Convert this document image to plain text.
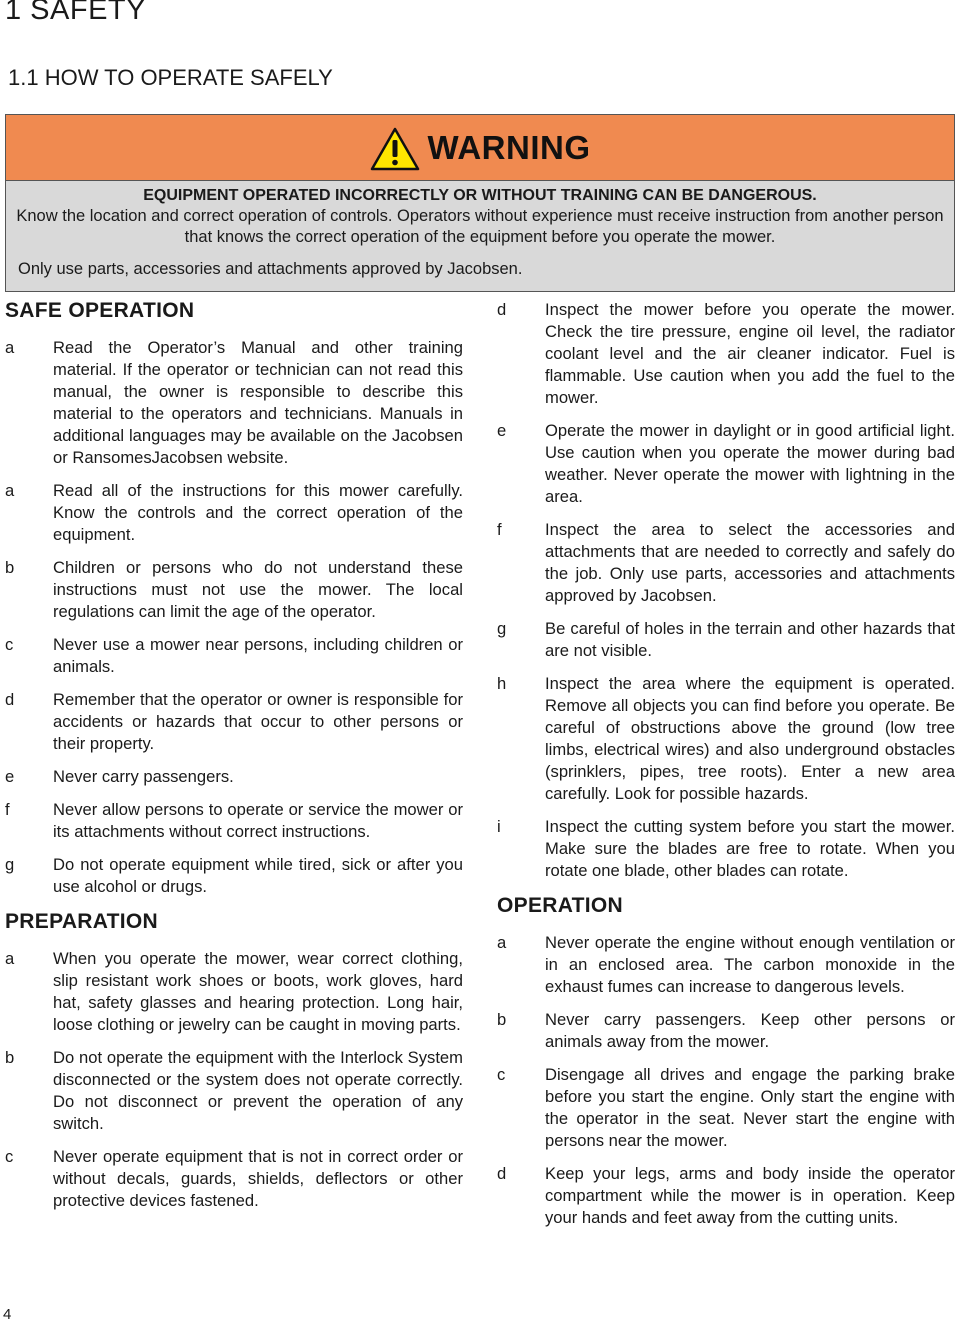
1 SAFETY
1.1 HOW TO OPERATE SAFELY
WARNING
EQUIPMENT OPERATED INCORRECTLY OR WITHOUT TRAINING CAN BE DANGEROUS.
Know the location and correct operation of controls. Operators without experience must receive instruction from another person that knows the correct operation of the equipment before you operate the mower.
Only use parts, accessories and attachments approved by Jacobsen.
SAFE OPERATION
a	Read the Operator’s Manual and other training material. If the operator or technician can not read this manual, the owner is responsible to describe this material to the operators and technicians. Manuals in additional languages may be available on the Jacobsen or RansomesJacobsen website.
a	Read all of the instructions for this mower carefully. Know the controls and the correct operation of the equipment.
b	Children or persons who do not understand these instructions must not use the mower. The local regulations can limit the age of the operator.
c	Never use a mower near persons, including children or animals.
d	Remember that the operator or owner is responsible for accidents or hazards that occur to other persons or their property.
e	Never carry passengers.
f	Never allow persons to operate or service the mower or its attachments without correct instructions.
g	Do not operate equipment while tired, sick or after you use alcohol or drugs.
PREPARATION
a	When you operate the mower, wear correct clothing, slip resistant work shoes or boots, work gloves, hard hat, safety glasses and hearing protection. Long hair, loose clothing or jewelry can be caught in moving parts.
b	Do not operate the equipment with the Interlock System disconnected or the system does not operate correctly. Do not disconnect or prevent the operation of any switch.
c	Never operate equipment that is not in correct order or without decals, guards, shields, deflectors or other protective devices fastened.
d	Inspect the mower before you operate the mower. Check the tire pressure, engine oil level, the radiator coolant level and the air cleaner indicator. Fuel is flammable. Use caution when you add the fuel to the mower.
e	Operate the mower in daylight or in good artificial light. Use caution when you operate the mower during bad weather. Never operate the mower with lightning in the area.
f	Inspect the area to select the accessories and attachments that are needed to correctly and safely do the job. Only use parts, accessories and attachments approved by Jacobsen.
g	Be careful of holes in the terrain and other hazards that are not visible.
h	Inspect the area where the equipment is operated. Remove all objects you can find before you operate. Be careful of obstructions above the ground (low tree limbs, electrical wires) and also underground obstacles (sprinklers, pipes, tree roots). Enter a new area carefully. Look for possible hazards.
i	Inspect the cutting system before you start the mower. Make sure the blades are free to rotate. When you rotate one blade, other blades can rotate.
OPERATION
a	Never operate the engine without enough ventilation or in an enclosed area. The carbon monoxide in the exhaust fumes can increase to dangerous levels.
b	Never carry passengers. Keep other persons or animals away from the mower.
c	Disengage all drives and engage the parking brake before you start the engine. Only start the engine with the operator in the seat. Never start the engine with persons near the mower.
d	Keep your legs, arms and body inside the operator compartment while the mower is in operation. Keep your hands and feet away from the cutting units.
4
